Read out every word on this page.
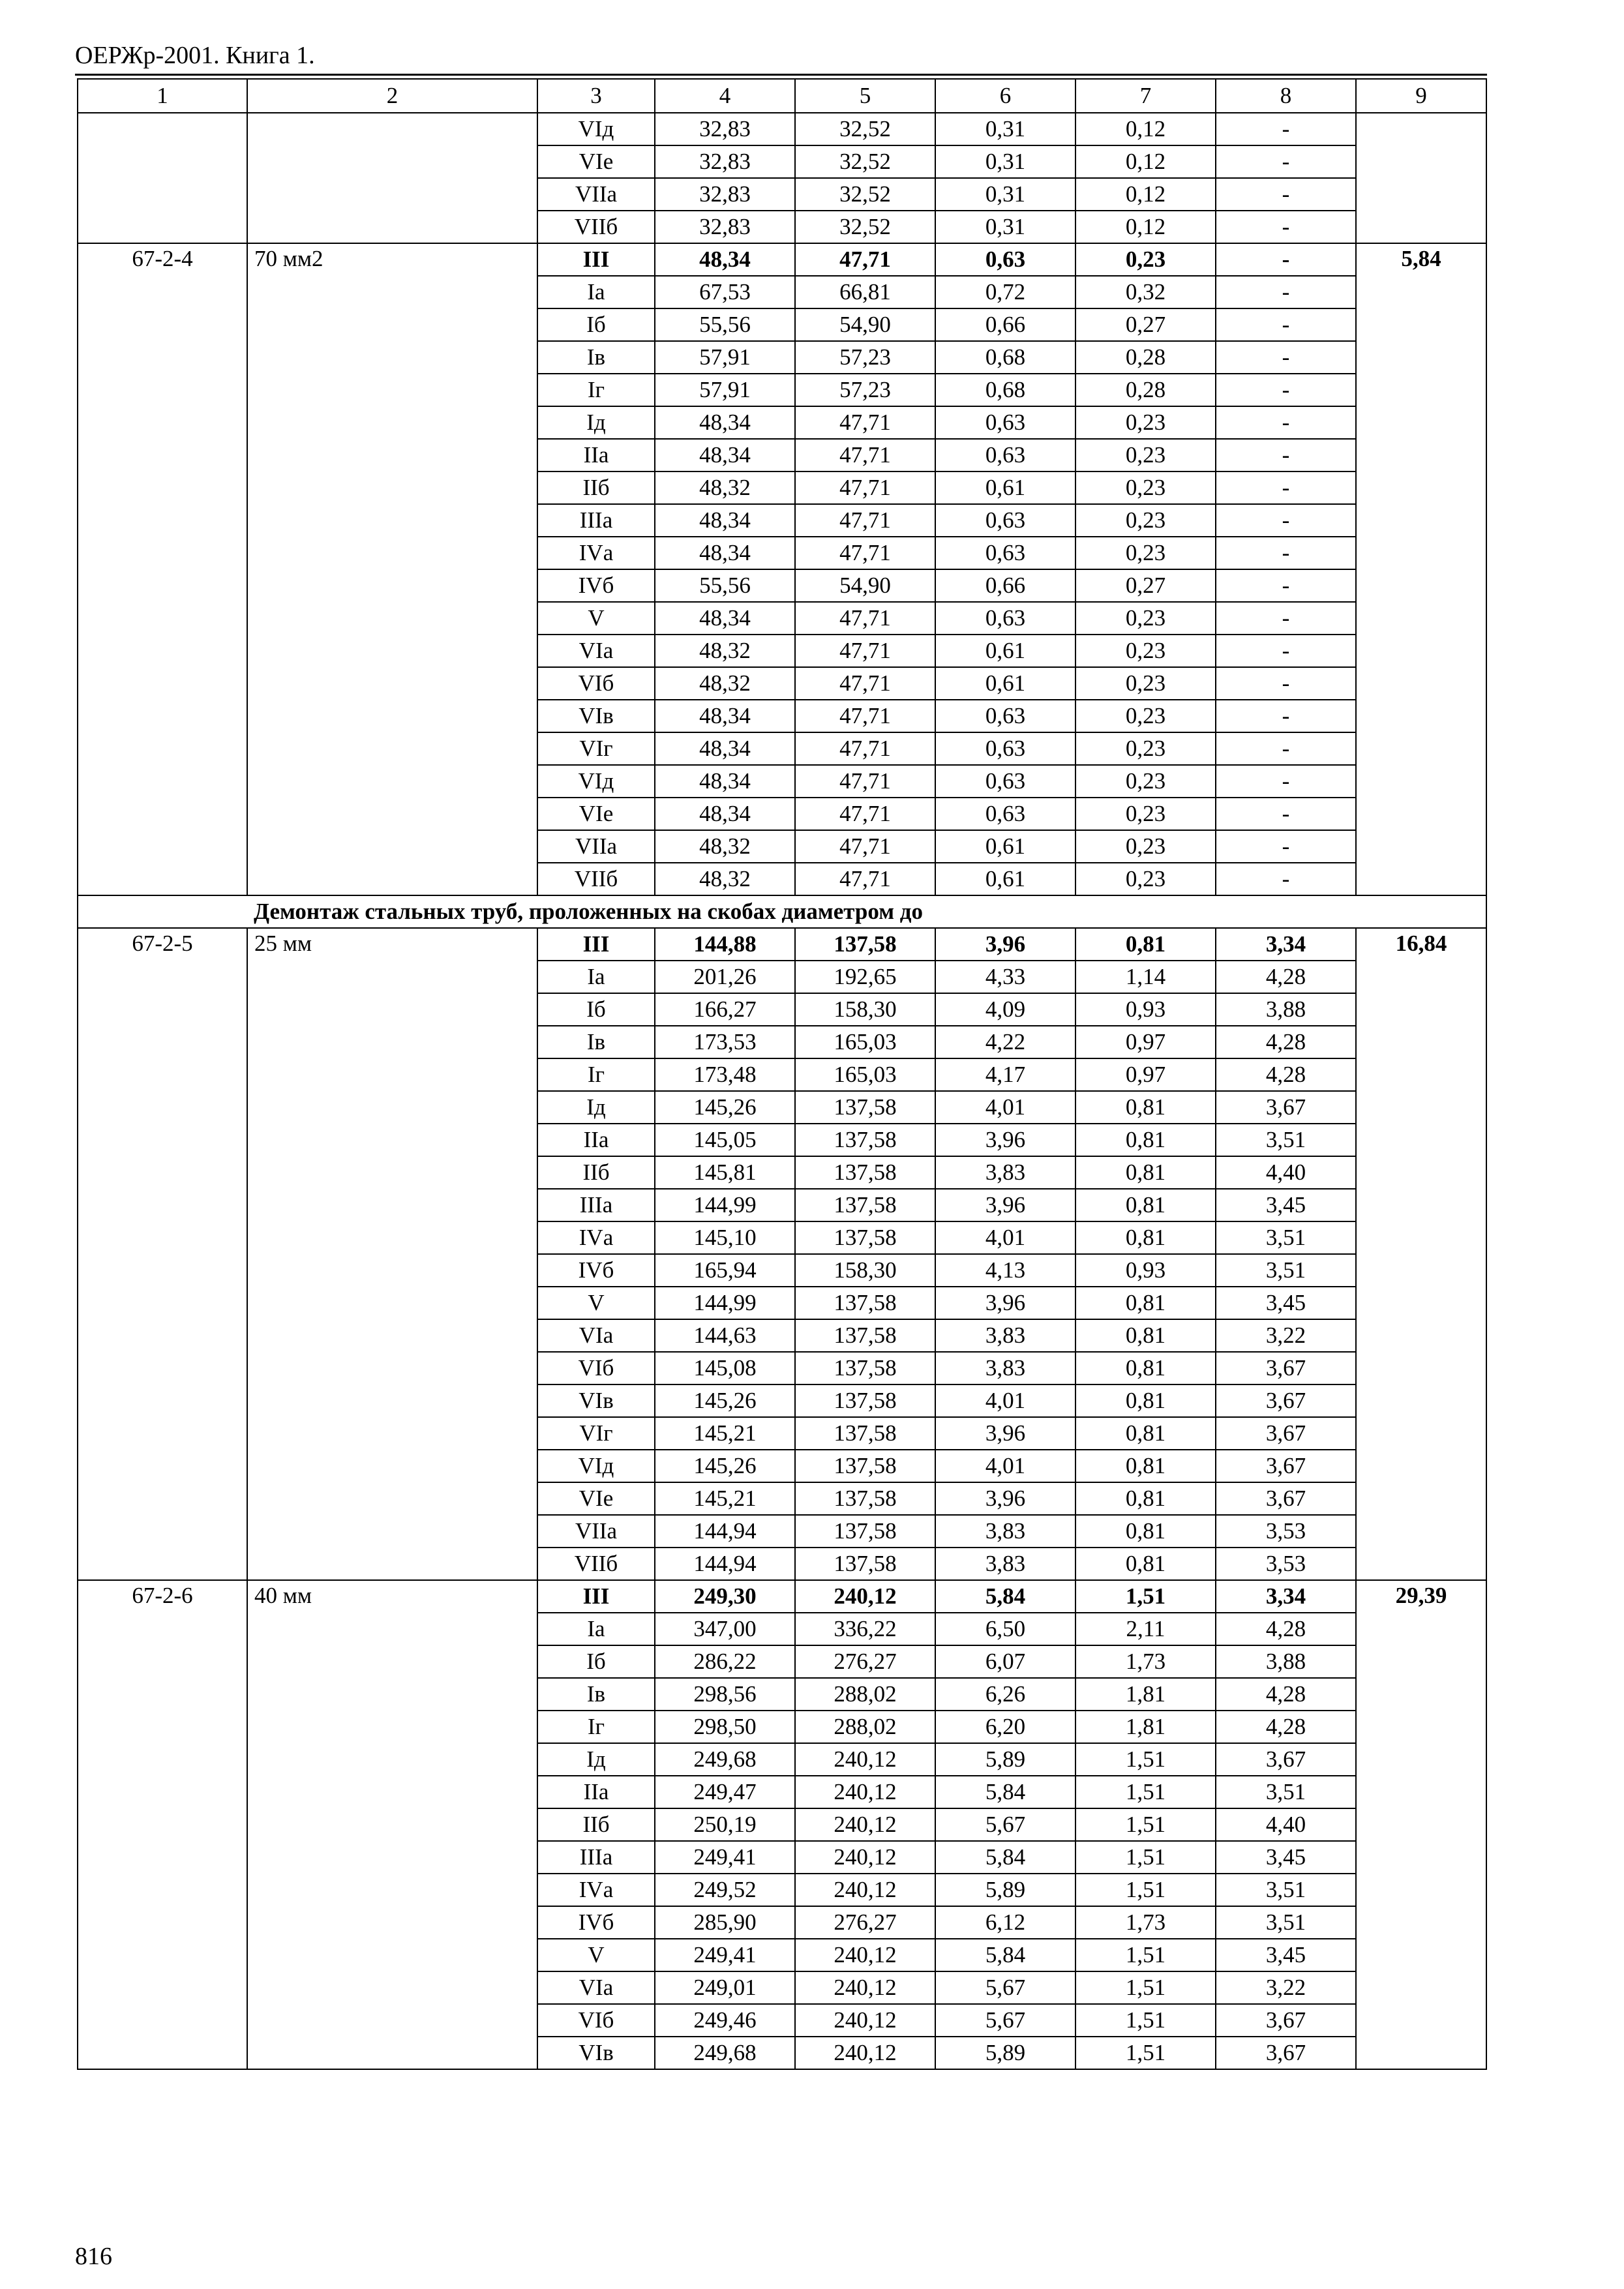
ОЕРЖр-2001. Книга 1.
1	2	3	4	5	6	7	8	9
		VIд	32,83	32,52	0,31	0,12	-	
		VIе	32,83	32,52	0,31	0,12	-	
		VIIа	32,83	32,52	0,31	0,12	-	
		VIIб	32,83	32,52	0,31	0,12	-	
67-2-4	70 мм2	III	48,34	47,71	0,63	0,23	-	5,84
		Iа	67,53	66,81	0,72	0,32	-	
		Iб	55,56	54,90	0,66	0,27	-	
		Iв	57,91	57,23	0,68	0,28	-	
		Iг	57,91	57,23	0,68	0,28	-	
		Iд	48,34	47,71	0,63	0,23	-	
		IIа	48,34	47,71	0,63	0,23	-	
		IIб	48,32	47,71	0,61	0,23	-	
		IIIа	48,34	47,71	0,63	0,23	-	
		IVа	48,34	47,71	0,63	0,23	-	
		IVб	55,56	54,90	0,66	0,27	-	
		V	48,34	47,71	0,63	0,23	-	
		VIа	48,32	47,71	0,61	0,23	-	
		VIб	48,32	47,71	0,61	0,23	-	
		VIв	48,34	47,71	0,63	0,23	-	
		VIг	48,34	47,71	0,63	0,23	-	
		VIд	48,34	47,71	0,63	0,23	-	
		VIе	48,34	47,71	0,63	0,23	-	
		VIIа	48,32	47,71	0,61	0,23	-	
		VIIб	48,32	47,71	0,61	0,23	-	
	Демонтаж стальных труб, проложенных на скобах диаметром до							
67-2-5	25 мм	III	144,88	137,58	3,96	0,81	3,34	16,84
		Iа	201,26	192,65	4,33	1,14	4,28	
		Iб	166,27	158,30	4,09	0,93	3,88	
		Iв	173,53	165,03	4,22	0,97	4,28	
		Iг	173,48	165,03	4,17	0,97	4,28	
		Iд	145,26	137,58	4,01	0,81	3,67	
		IIа	145,05	137,58	3,96	0,81	3,51	
		IIб	145,81	137,58	3,83	0,81	4,40	
		IIIа	144,99	137,58	3,96	0,81	3,45	
		IVа	145,10	137,58	4,01	0,81	3,51	
		IVб	165,94	158,30	4,13	0,93	3,51	
		V	144,99	137,58	3,96	0,81	3,45	
		VIа	144,63	137,58	3,83	0,81	3,22	
		VIб	145,08	137,58	3,83	0,81	3,67	
		VIв	145,26	137,58	4,01	0,81	3,67	
		VIг	145,21	137,58	3,96	0,81	3,67	
		VIд	145,26	137,58	4,01	0,81	3,67	
		VIе	145,21	137,58	3,96	0,81	3,67	
		VIIа	144,94	137,58	3,83	0,81	3,53	
		VIIб	144,94	137,58	3,83	0,81	3,53	
67-2-6	40 мм	III	249,30	240,12	5,84	1,51	3,34	29,39
		Iа	347,00	336,22	6,50	2,11	4,28	
		Iб	286,22	276,27	6,07	1,73	3,88	
		Iв	298,56	288,02	6,26	1,81	4,28	
		Iг	298,50	288,02	6,20	1,81	4,28	
		Iд	249,68	240,12	5,89	1,51	3,67	
		IIа	249,47	240,12	5,84	1,51	3,51	
		IIб	250,19	240,12	5,67	1,51	4,40	
		IIIа	249,41	240,12	5,84	1,51	3,45	
		IVа	249,52	240,12	5,89	1,51	3,51	
		IVб	285,90	276,27	6,12	1,73	3,51	
		V	249,41	240,12	5,84	1,51	3,45	
		VIа	249,01	240,12	5,67	1,51	3,22	
		VIб	249,46	240,12	5,67	1,51	3,67	
		VIв	249,68	240,12	5,89	1,51	3,67	
816
